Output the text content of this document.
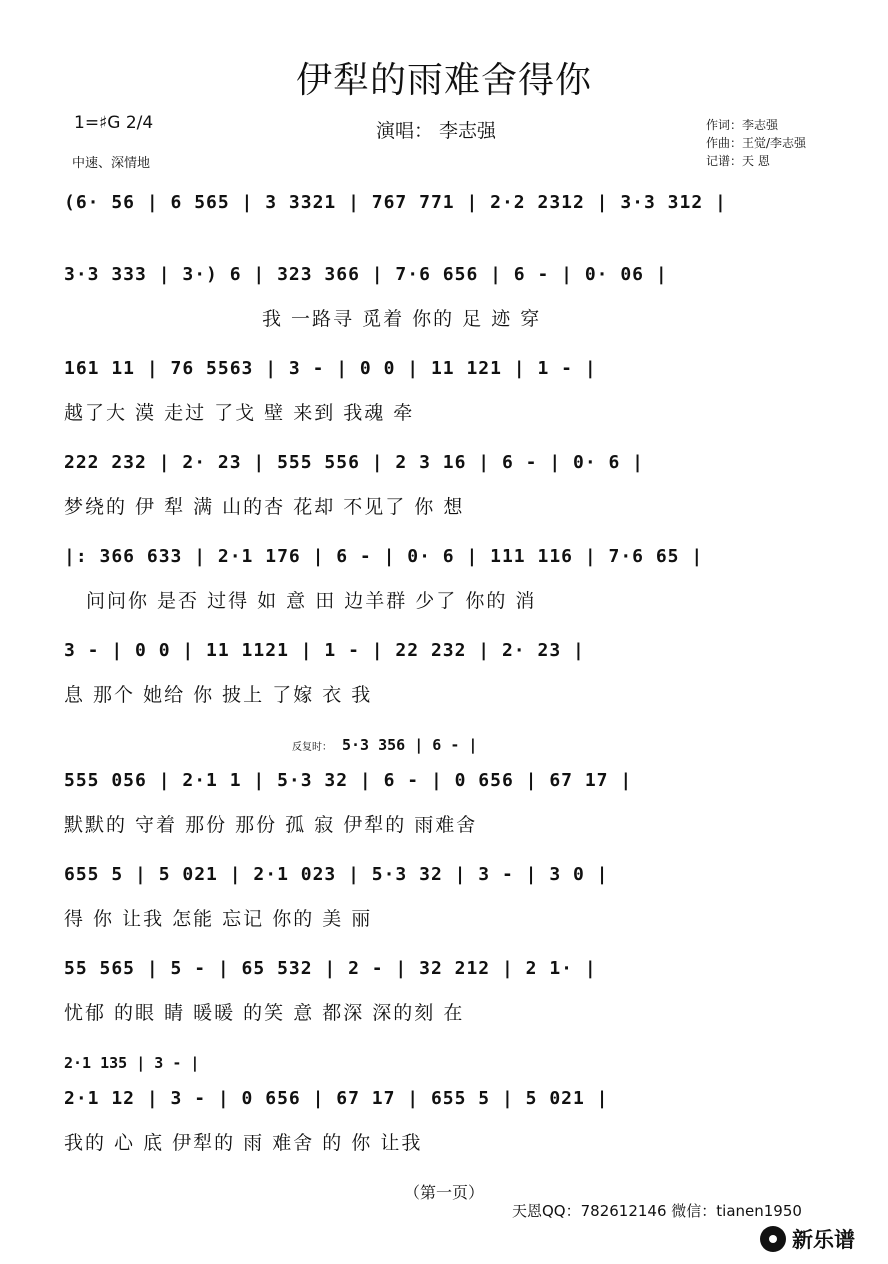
伊犁的雨难舍得你
演唱： 李志强
1=♯G 2/4
中速、深情地
作词：李志强
作曲：王觉/李志强
记谱：天 恩
(6· 56 | 6 565 | 3 3321 | 767 771 | 2·2 2312 | 3·3 312 |
3·3 333 | 3·) 6 | 323 366 | 7·6 656 | 6 - | 0· 06 |
我 一路寻 觅着 你的 足 迹 穿
161 11 | 76 5563 | 3 - | 0 0 | 11 121 | 1 - |
越了大 漠 走过 了戈 壁 来到 我魂 牵
222 232 | 2· 23 | 555 556 | 2 3 16 | 6 - | 0· 6 |
梦绕的 伊 犁 满 山的杏 花却 不见了 你 想
|: 366 633 | 2·1 176 | 6 - | 0· 6 | 111 116 | 7·6 65 |
问问你 是否 过得 如 意 田 边羊群 少了 你的 消
3 - | 0 0 | 11 1121 | 1 - | 22 232 | 2· 23 |
息 那个 她给 你 披上 了嫁 衣 我
反复时： 5·3 356 | 6 - |
555 056 | 2·1 1 | 5·3 32 | 6 - | 0 656 | 67 17 |
默默的 守着 那份 那份 孤 寂 伊犁的 雨难舍
655 5 | 5 021 | 2·1 023 | 5·3 32 | 3 - | 3 0 |
得 你 让我 怎能 忘记 你的 美 丽
55 565 | 5 - | 65 532 | 2 - | 32 212 | 2 1· |
忧郁 的眼 睛 暖暖 的笑 意 都深 深的刻 在
2·1 135 | 3 - |
2·1 12 | 3 - | 0 656 | 67 17 | 655 5 | 5 021 |
我的 心 底 伊犁的 雨 难舍 的 你 让我
（第一页）
天恩QQ：782612146 微信：tianen1950
新乐谱
